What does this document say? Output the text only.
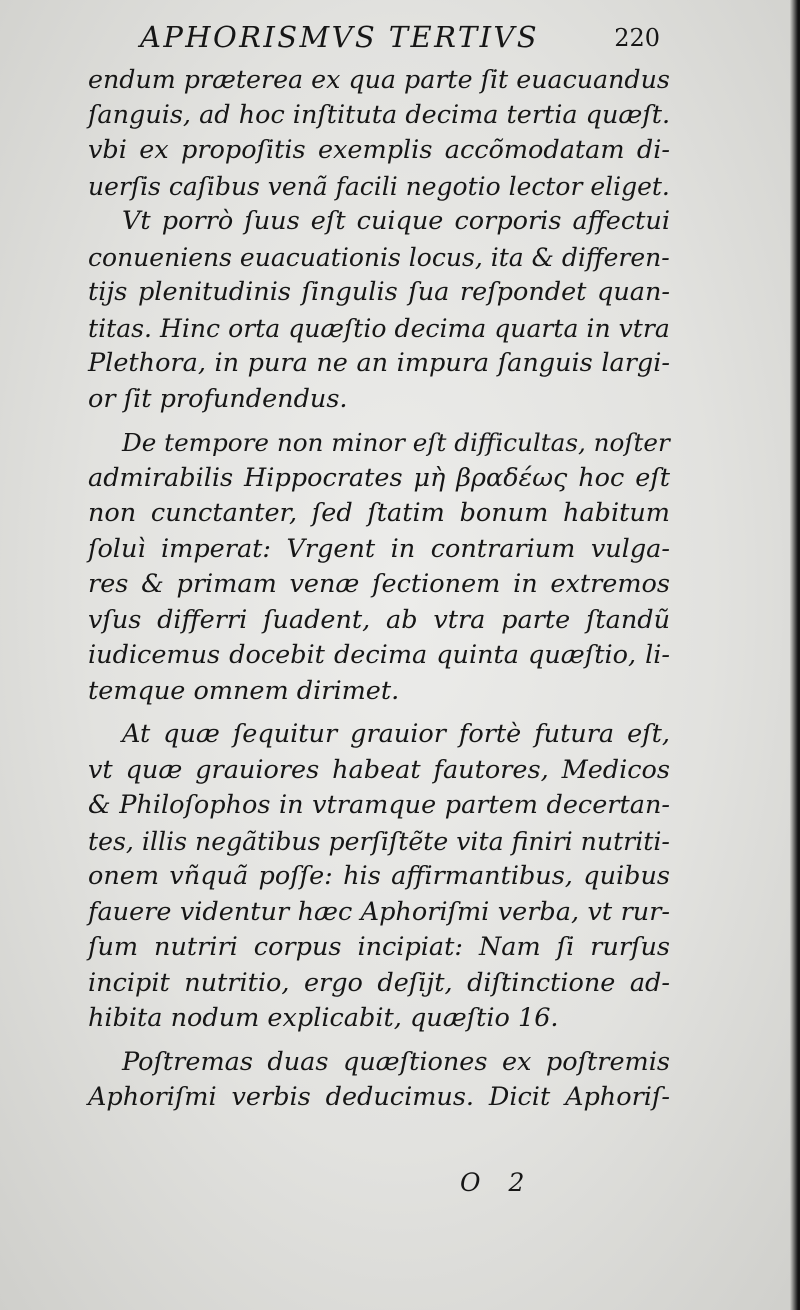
APHORISMVS TERTIVS	220
endum præterea ex qua parte ſit euacuandus
ſanguis, ad hoc inſtituta decima tertia quæſt.
vbi ex propoſitis exemplis accõmodatam di-
uerſis caſibus venã facili negotio lector eliget.
Vt porrò ſuus eſt cuique corporis affectui
conueniens euacuationis locus, ita & differen-
tijs plenitudinis ſingulis ſua reſpondet quan-
titas. Hinc orta quæſtio decima quarta in vtra
Plethora, in pura ne an impura ſanguis largi-
or ſit profundendus.
De tempore non minor eſt difficultas, noſter
admirabilis Hippocrates μὴ βραδέως hoc eſt
non cunctanter, ſed ſtatim bonum habitum
ſoluì imperat: Vrgent in contrarium vulga-
res & primam venæ ſectionem in extremos
vſus differri ſuadent, ab vtra parte ſtandũ
iudicemus docebit decima quinta quæſtio, li-
temque omnem dirimet.
At quæ ſequitur grauior fortè futura eſt,
vt quæ grauiores habeat fautores, Medicos
& Philoſophos in vtramque partem decertan-
tes, illis negãtibus perſiſtẽte vita finiri nutriti-
onem vñquã poſſe: his affirmantibus, quibus
fauere videntur hæc Aphoriſmi verba, vt rur-
ſum nutriri corpus incipiat: Nam ſi rurſus
incipit nutritio, ergo deſijt, diſtinctione ad-
hibita nodum explicabit, quæſtio 16.
Poſtremas duas quæſtiones ex poſtremis
Aphoriſmi verbis deducimus. Dicit Aphoriſ-
O 2
